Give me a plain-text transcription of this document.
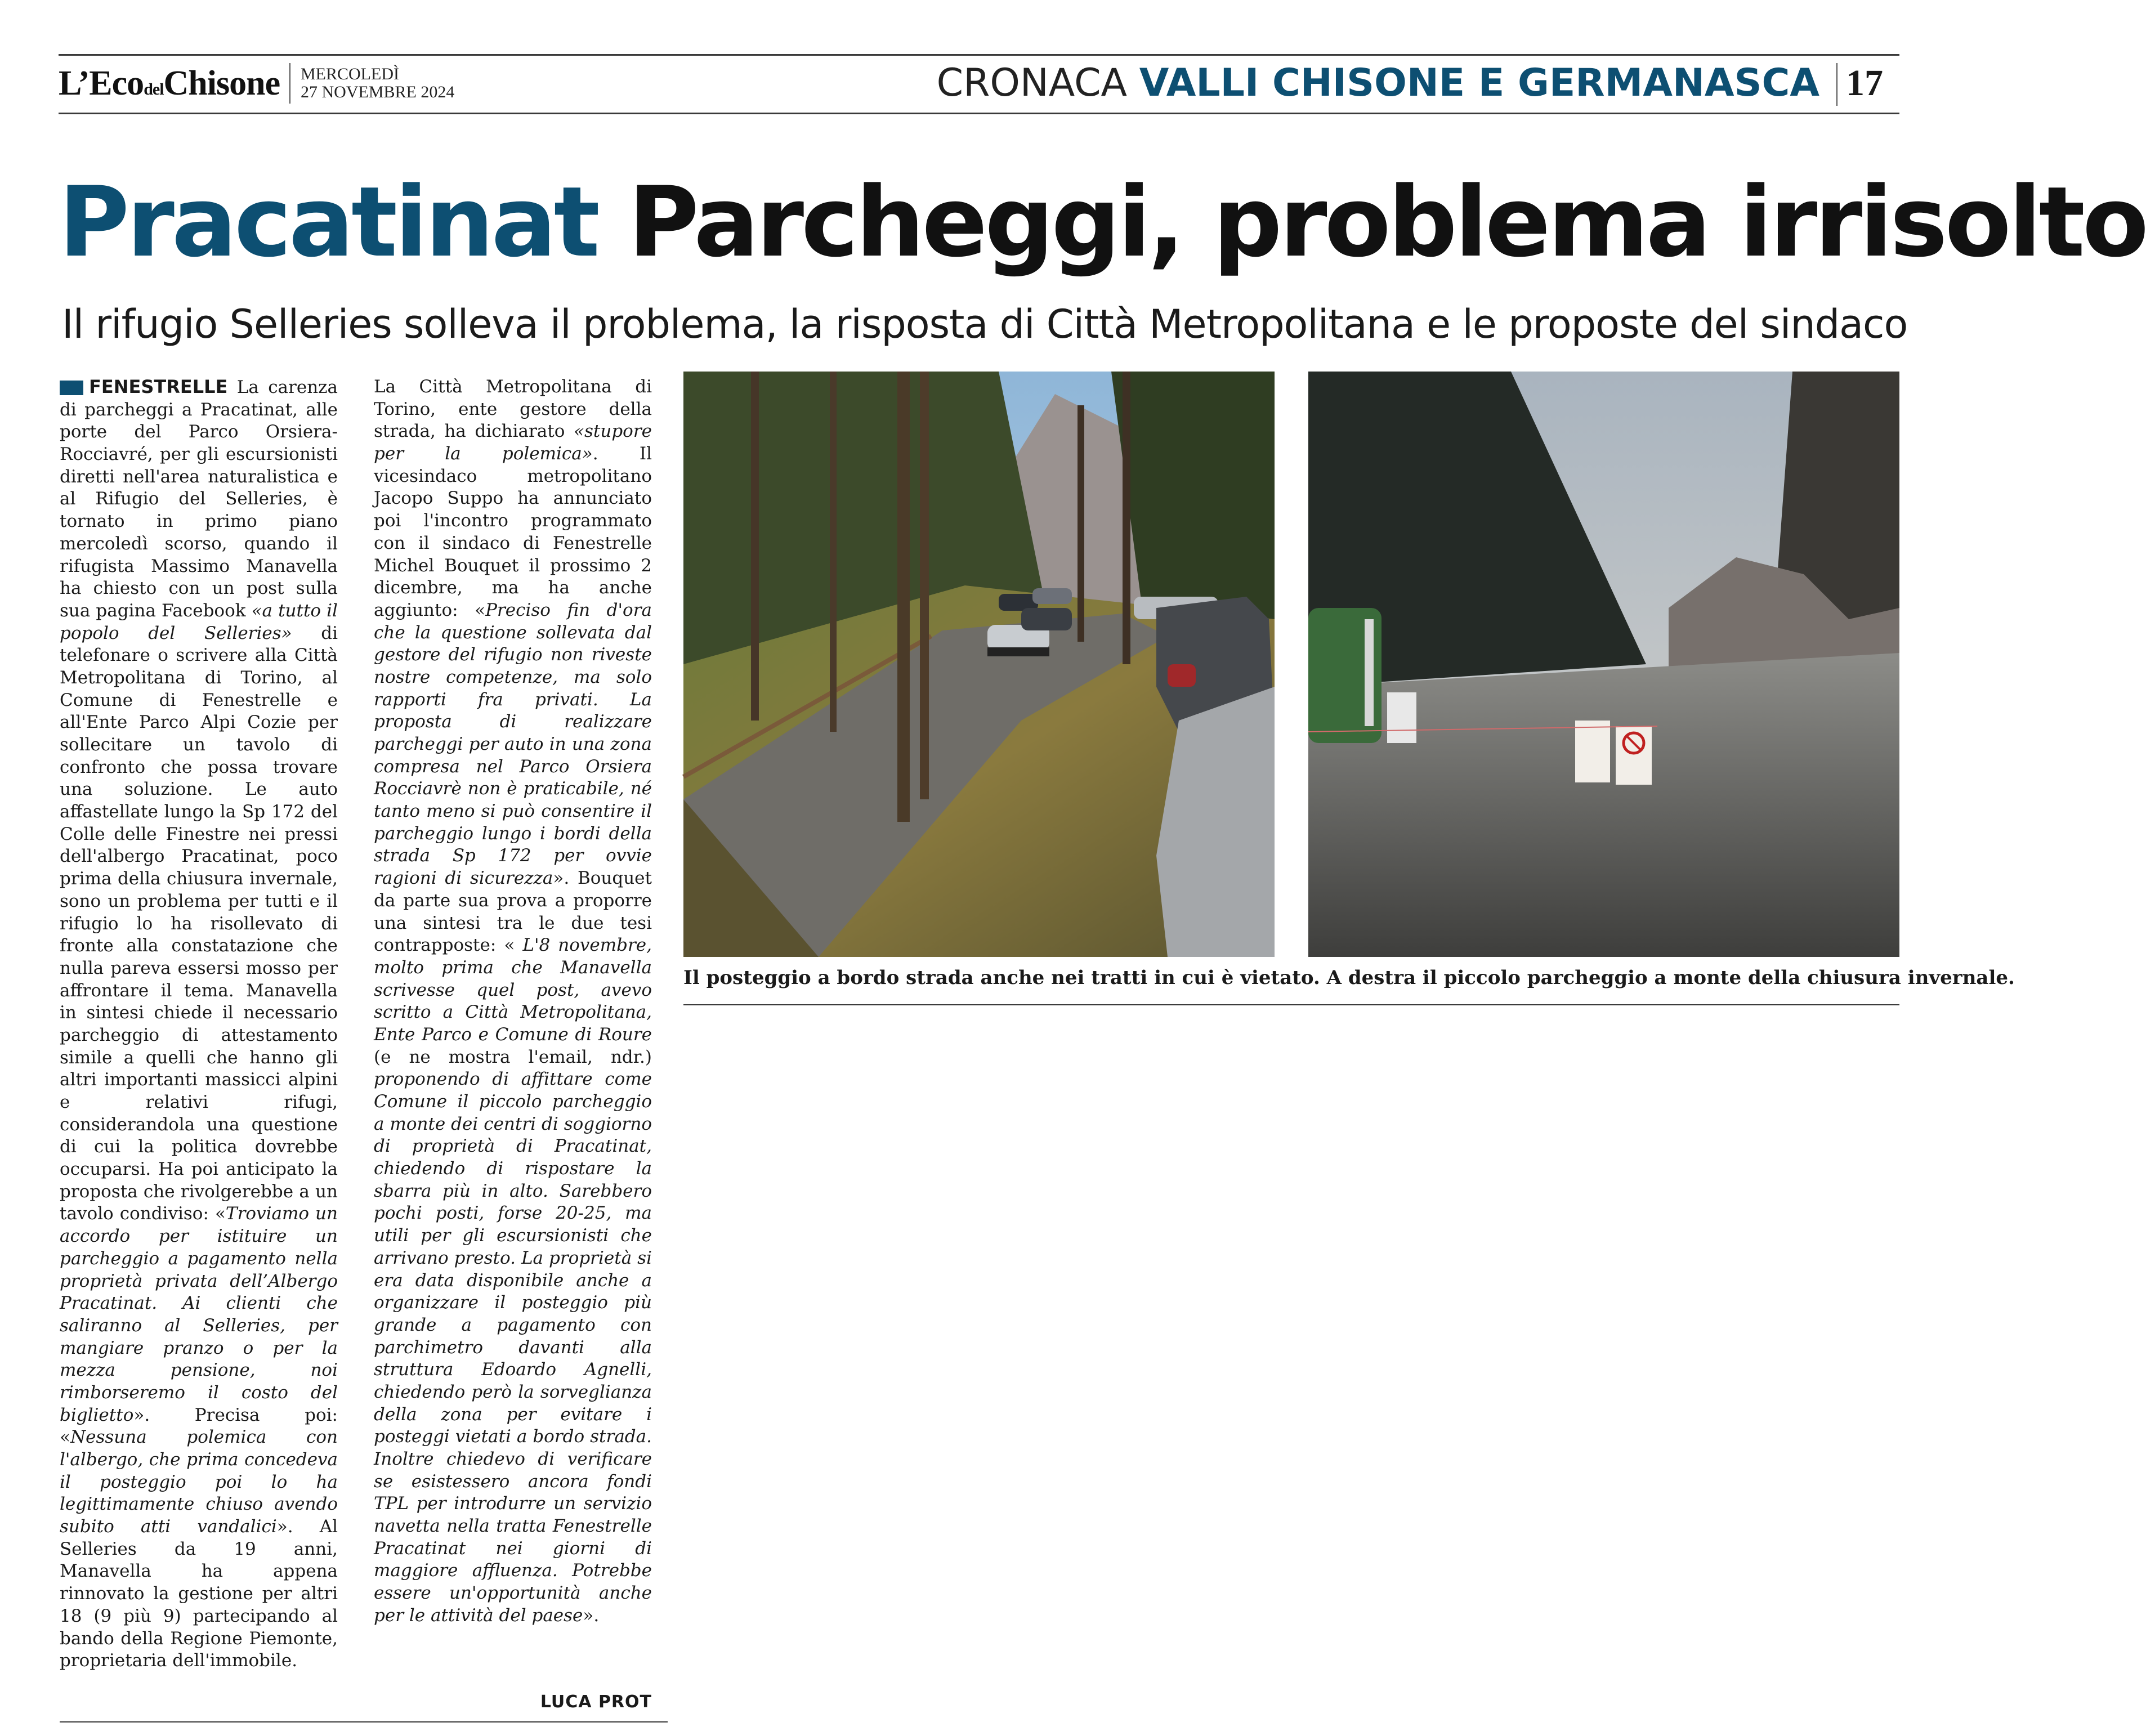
L’EcodelChisone MERCOLEDÌ
27 NOVEMBRE 2024	CRONACA VALLI CHISONE E GERMANASCA 17
Pracatinat Parcheggi, problema irrisolto
Il rifugio Selleries solleva il problema, la risposta di Città Metropolitana e le proposte del sindaco

FENESTRELLE La carenza di parcheggi a Pracatinat, alle porte del Parco Orsiera-Rocciavré, per gli escursionisti diretti nell'area naturalistica e al Rifugio del Selleries, è tornato in primo piano mercoledì scorso, quando il rifugista Massimo Manavella ha chiesto con un post sulla sua pagina Facebook «a tutto il popolo del Selleries» di telefonare o scrivere alla Città Metropolitana di Torino, al Comune di Fenestrelle e all'Ente Parco Alpi Cozie per sollecitare un tavolo di confronto che possa trovare una soluzione. Le auto affastellate lungo la Sp 172 del Colle delle Finestre nei pressi dell'albergo Pracatinat, poco prima della chiusura invernale, sono un problema per tutti e il rifugio lo ha risollevato di fronte alla constatazione che nulla pareva essersi mosso per affrontare il tema. Manavella in sintesi chiede il necessario parcheggio di attestamento simile a quelli che hanno gli altri importanti massicci alpini e relativi rifugi, considerandola una questione di cui la politica dovrebbe occuparsi. Ha poi anticipato la proposta che rivolgerebbe a un tavolo condiviso: «Troviamo un accordo per istituire un parcheggio a pagamento nella proprietà privata dell’Albergo Pracatinat. Ai clienti che saliranno al Selleries, per mangiare pranzo o per la mezza pensione, noi rimborseremo il costo del biglietto». Precisa poi: «Nessuna polemica con l'albergo, che prima concedeva il posteggio poi lo ha legittimamente chiuso avendo subito atti vandalici». Al Selleries da 19 anni, Manavella ha appena rinnovato la gestione per altri 18 (9 più 9) partecipando al bando della Regione Piemonte, proprietaria dell'immobile.

La Città Metropolitana di Torino, ente gestore della strada, ha dichiarato «stupore per la polemica». Il vicesindaco metropolitano Jacopo Suppo ha annunciato poi l'incontro programmato con il sindaco di Fenestrelle Michel Bouquet il prossimo 2 dicembre, ma ha anche aggiunto: «Preciso fin d'ora che la questione sollevata dal gestore del rifugio non riveste nostre competenze, ma solo rapporti fra privati. La proposta di realizzare parcheggi per auto in una zona compresa nel Parco Orsiera Rocciavrè non è praticabile, né tanto meno si può consentire il parcheggio lungo i bordi della strada Sp 172 per ovvie ragioni di sicurezza». Bouquet da parte sua prova a proporre una sintesi tra le due tesi contrapposte: « L'8 novembre, molto prima che Manavella scrivesse quel post, avevo scritto a Città Metropolitana, Ente Parco e Comune di Roure (e ne mostra l'email, ndr.) proponendo di affittare come Comune il piccolo parcheggio a monte dei centri di soggiorno di proprietà di Pracatinat, chiedendo di rispostare la sbarra più in alto. Sarebbero pochi posti, forse 20-25, ma utili per gli escursionisti che arrivano presto. La proprietà si era data disponibile anche a organizzare il posteggio più grande a pagamento con parchimetro davanti alla struttura Edoardo Agnelli, chiedendo però la sorveglianza della zona per evitare i posteggi vietati a bordo strada. Inoltre chiedevo di verificare se esistessero ancora fondi TPL per introdurre un servizio navetta nella tratta Fenestrelle Pracatinat nei giorni di maggiore affluenza. Potrebbe essere un'opportunità anche per le attività del paese».

Il posteggio a bordo strada anche nei tratti in cui è vietato. A destra il piccolo parcheggio a monte della chiusura invernale.
LUCA PROT
